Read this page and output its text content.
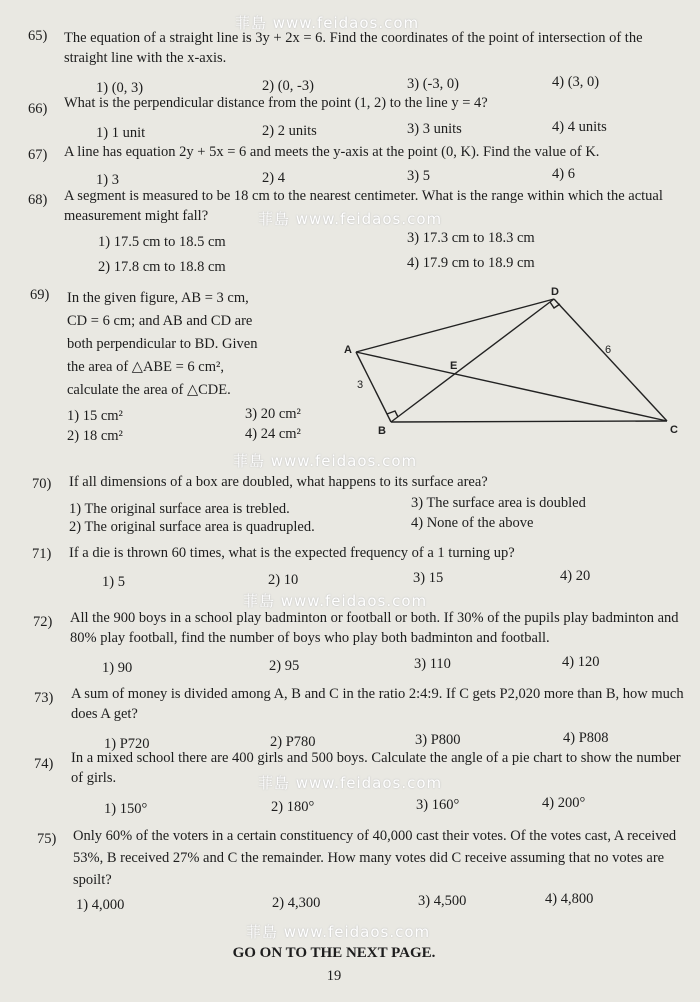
菲島 www.feidaos.com
菲島 www.feidaos.com
菲島 www.feidaos.com
菲島 www.feidaos.com
菲島 www.feidaos.com
菲島 www.feidaos.com
65) The equation of a straight line is 3y + 2x = 6. Find the coordinates of the point of intersection of the straight line with the x-axis.
1) (0, 3)	2) (0, -3)	3) (-3, 0)	4) (3, 0)
66) What is the perpendicular distance from the point (1, 2) to the line y = 4?
1) 1 unit	2) 2 units	3) 3 units	4) 4 units
67) A line has equation 2y + 5x = 6 and meets the y-axis at the point (0, K). Find the value of K.
1) 3	2) 4	3) 5	4) 6
68) A segment is measured to be 18 cm to the nearest centimeter. What is the range within which the actual measurement might fall?
1) 17.5 cm to 18.5 cm	3) 17.3 cm to 18.3 cm
2) 17.8 cm to 18.8 cm	4) 17.9 cm to 18.9 cm
69) In the given figure, AB = 3 cm, CD = 6 cm; and AB and CD are both perpendicular to BD. Given the area of △ABE = 6 cm², calculate the area of △CDE.
1) 15 cm²	3) 20 cm²
2) 18 cm²	4) 24 cm²
A
B	C
D
E
3
6
70) If all dimensions of a box are doubled, what happens to its surface area?
1) The original surface area is trebled.	3) The surface area is doubled
2) The original surface area is quadrupled.	4) None of the above
71) If a die is thrown 60 times, what is the expected frequency of a 1 turning up?
1) 5	2) 10	3) 15	4) 20
72) All the 900 boys in a school play badminton or football or both. If 30% of the pupils play badminton and 80% play football, find the number of boys who play both badminton and football.
1) 90	2) 95	3) 110	4) 120
73) A sum of money is divided among A, B and C in the ratio 2:4:9. If C gets P2,020 more than B, how much does A get?
1) P720	2) P780	3) P800	4) P808
74) In a mixed school there are 400 girls and 500 boys. Calculate the angle of a pie chart to show the number of girls.
1) 150°	2) 180°	3) 160°	4) 200°
75) Only 60% of the voters in a certain constituency of 40,000 cast their votes. Of the votes cast, A received 53%, B received 27% and C the remainder. How many votes did C receive assuming that no votes are spoilt?
1) 4,000	2) 4,300	3) 4,500	4) 4,800
GO ON TO THE NEXT PAGE.
19
